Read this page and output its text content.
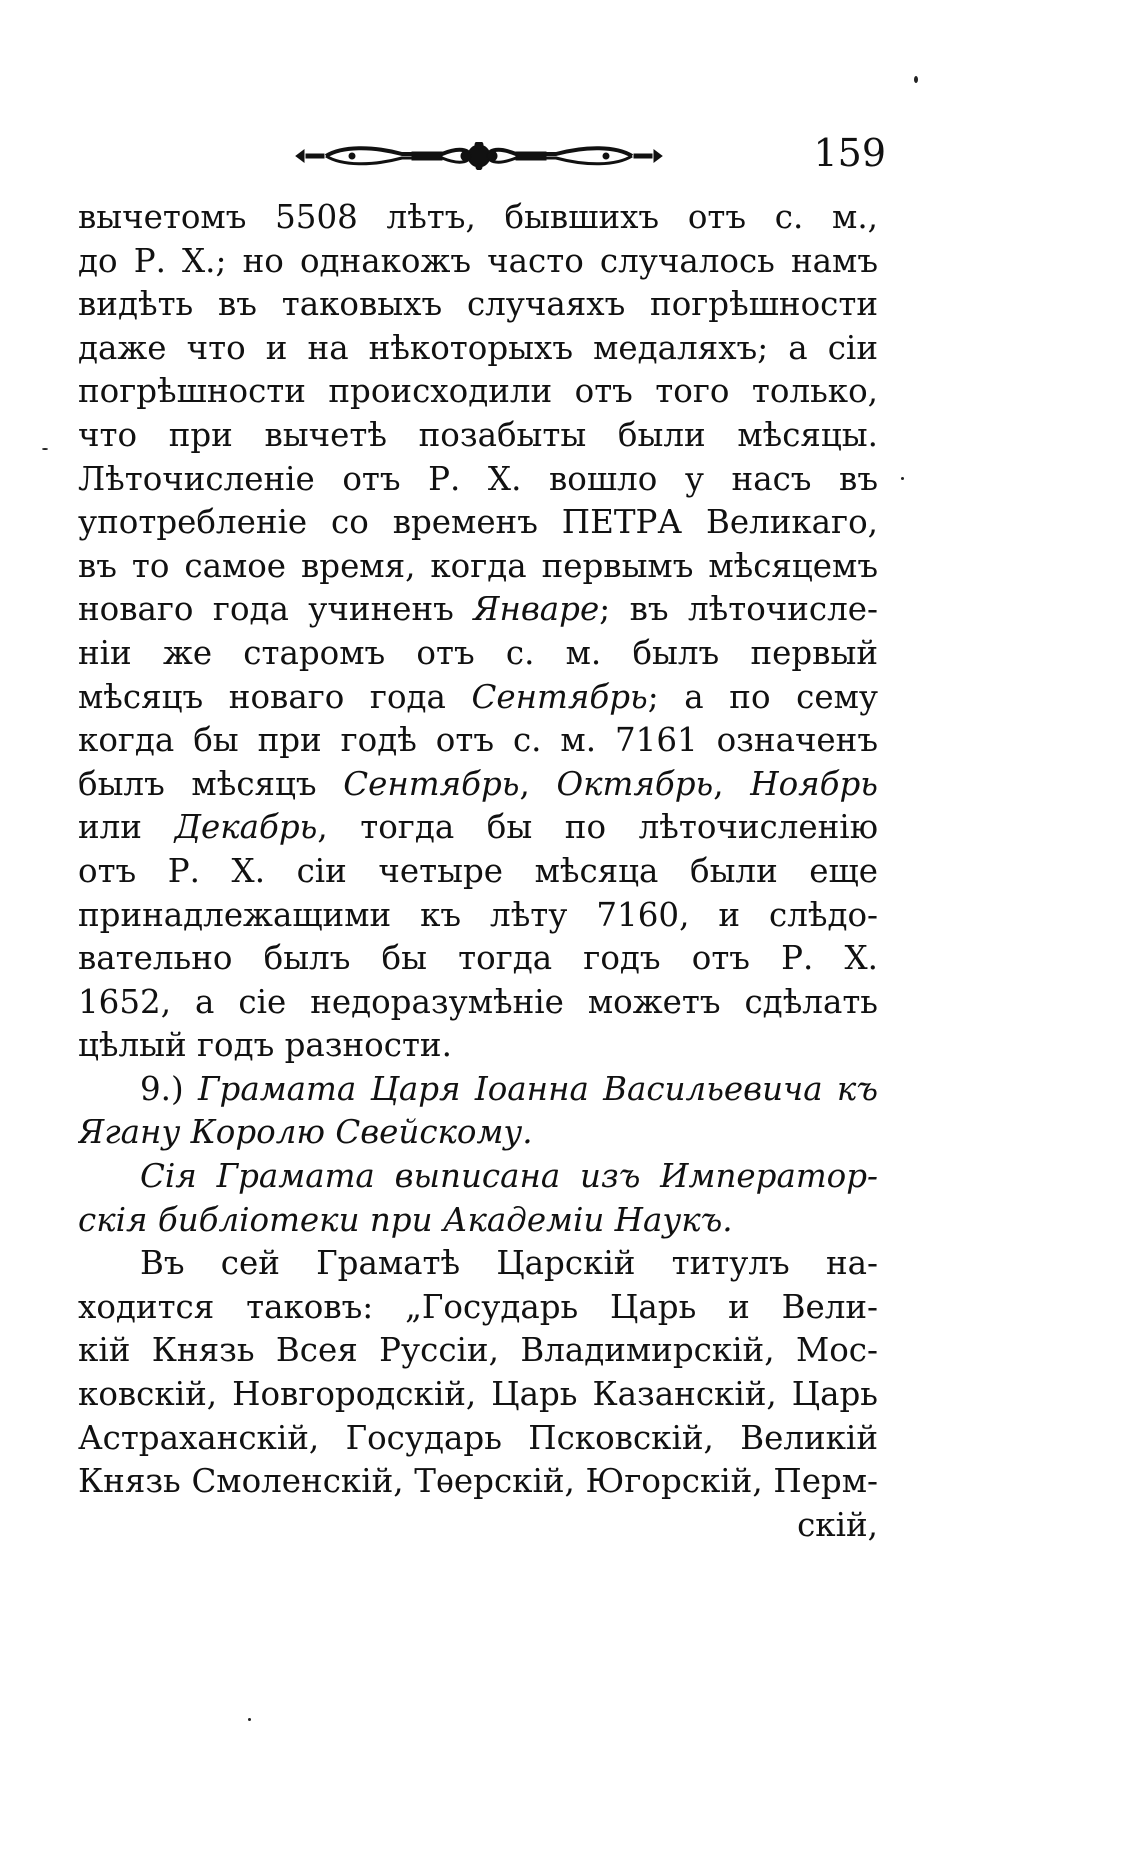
159
вычетомъ 5508 лѣтъ, бывшихъ отъ с. м.,
до Р. Х.; но однакожъ часто случалось намъ
видѣть въ таковыхъ случаяхъ погрѣшности
даже что и на нѣкоторыхъ медаляхъ; а сіи
погрѣшности происходили отъ того только,
что при вычетѣ позабыты были мѣсяцы.
Лѣточисленіе отъ Р. Х. вошло у насъ въ
употребленіе со временъ ПЕТРА Великаго,
въ то самое время, когда первымъ мѣсяцемъ
новаго года учиненъ Январе; въ лѣточисле-
ніи же старомъ отъ с. м. былъ первый
мѣсяцъ новаго года Сентябрь; а по сему
когда бы при годѣ отъ с. м. 7161 означенъ
былъ мѣсяцъ Сентябрь, Октябрь, Ноябрь
или Декабрь, тогда бы по лѣточисленію
отъ Р. Х. сіи четыре мѣсяца были еще
принадлежащими къ лѣту 7160, и слѣдо-
вательно былъ бы тогда годъ отъ Р. Х.
1652, а сіе недоразумѣніе можетъ сдѣлать
цѣлый годъ разности.
9.) Грамата Царя Іоанна Васильевича къ
Ягану Королю Свейскому.
Сія Грамата выписана изъ Император-
скія библіотеки при Академіи Наукъ.
Въ сей Граматѣ Царскій титулъ на-
ходится таковъ: „Государь Царь и Вели-
кій Князь Всея Руссіи, Владимирскій, Мос-
ковскій, Новгородскій, Царь Казанскій, Царь
Астраханскій, Государь Псковскій, Великій
Князь Смоленскій, Тѳерскій, Югорскій, Перм-
скій,
